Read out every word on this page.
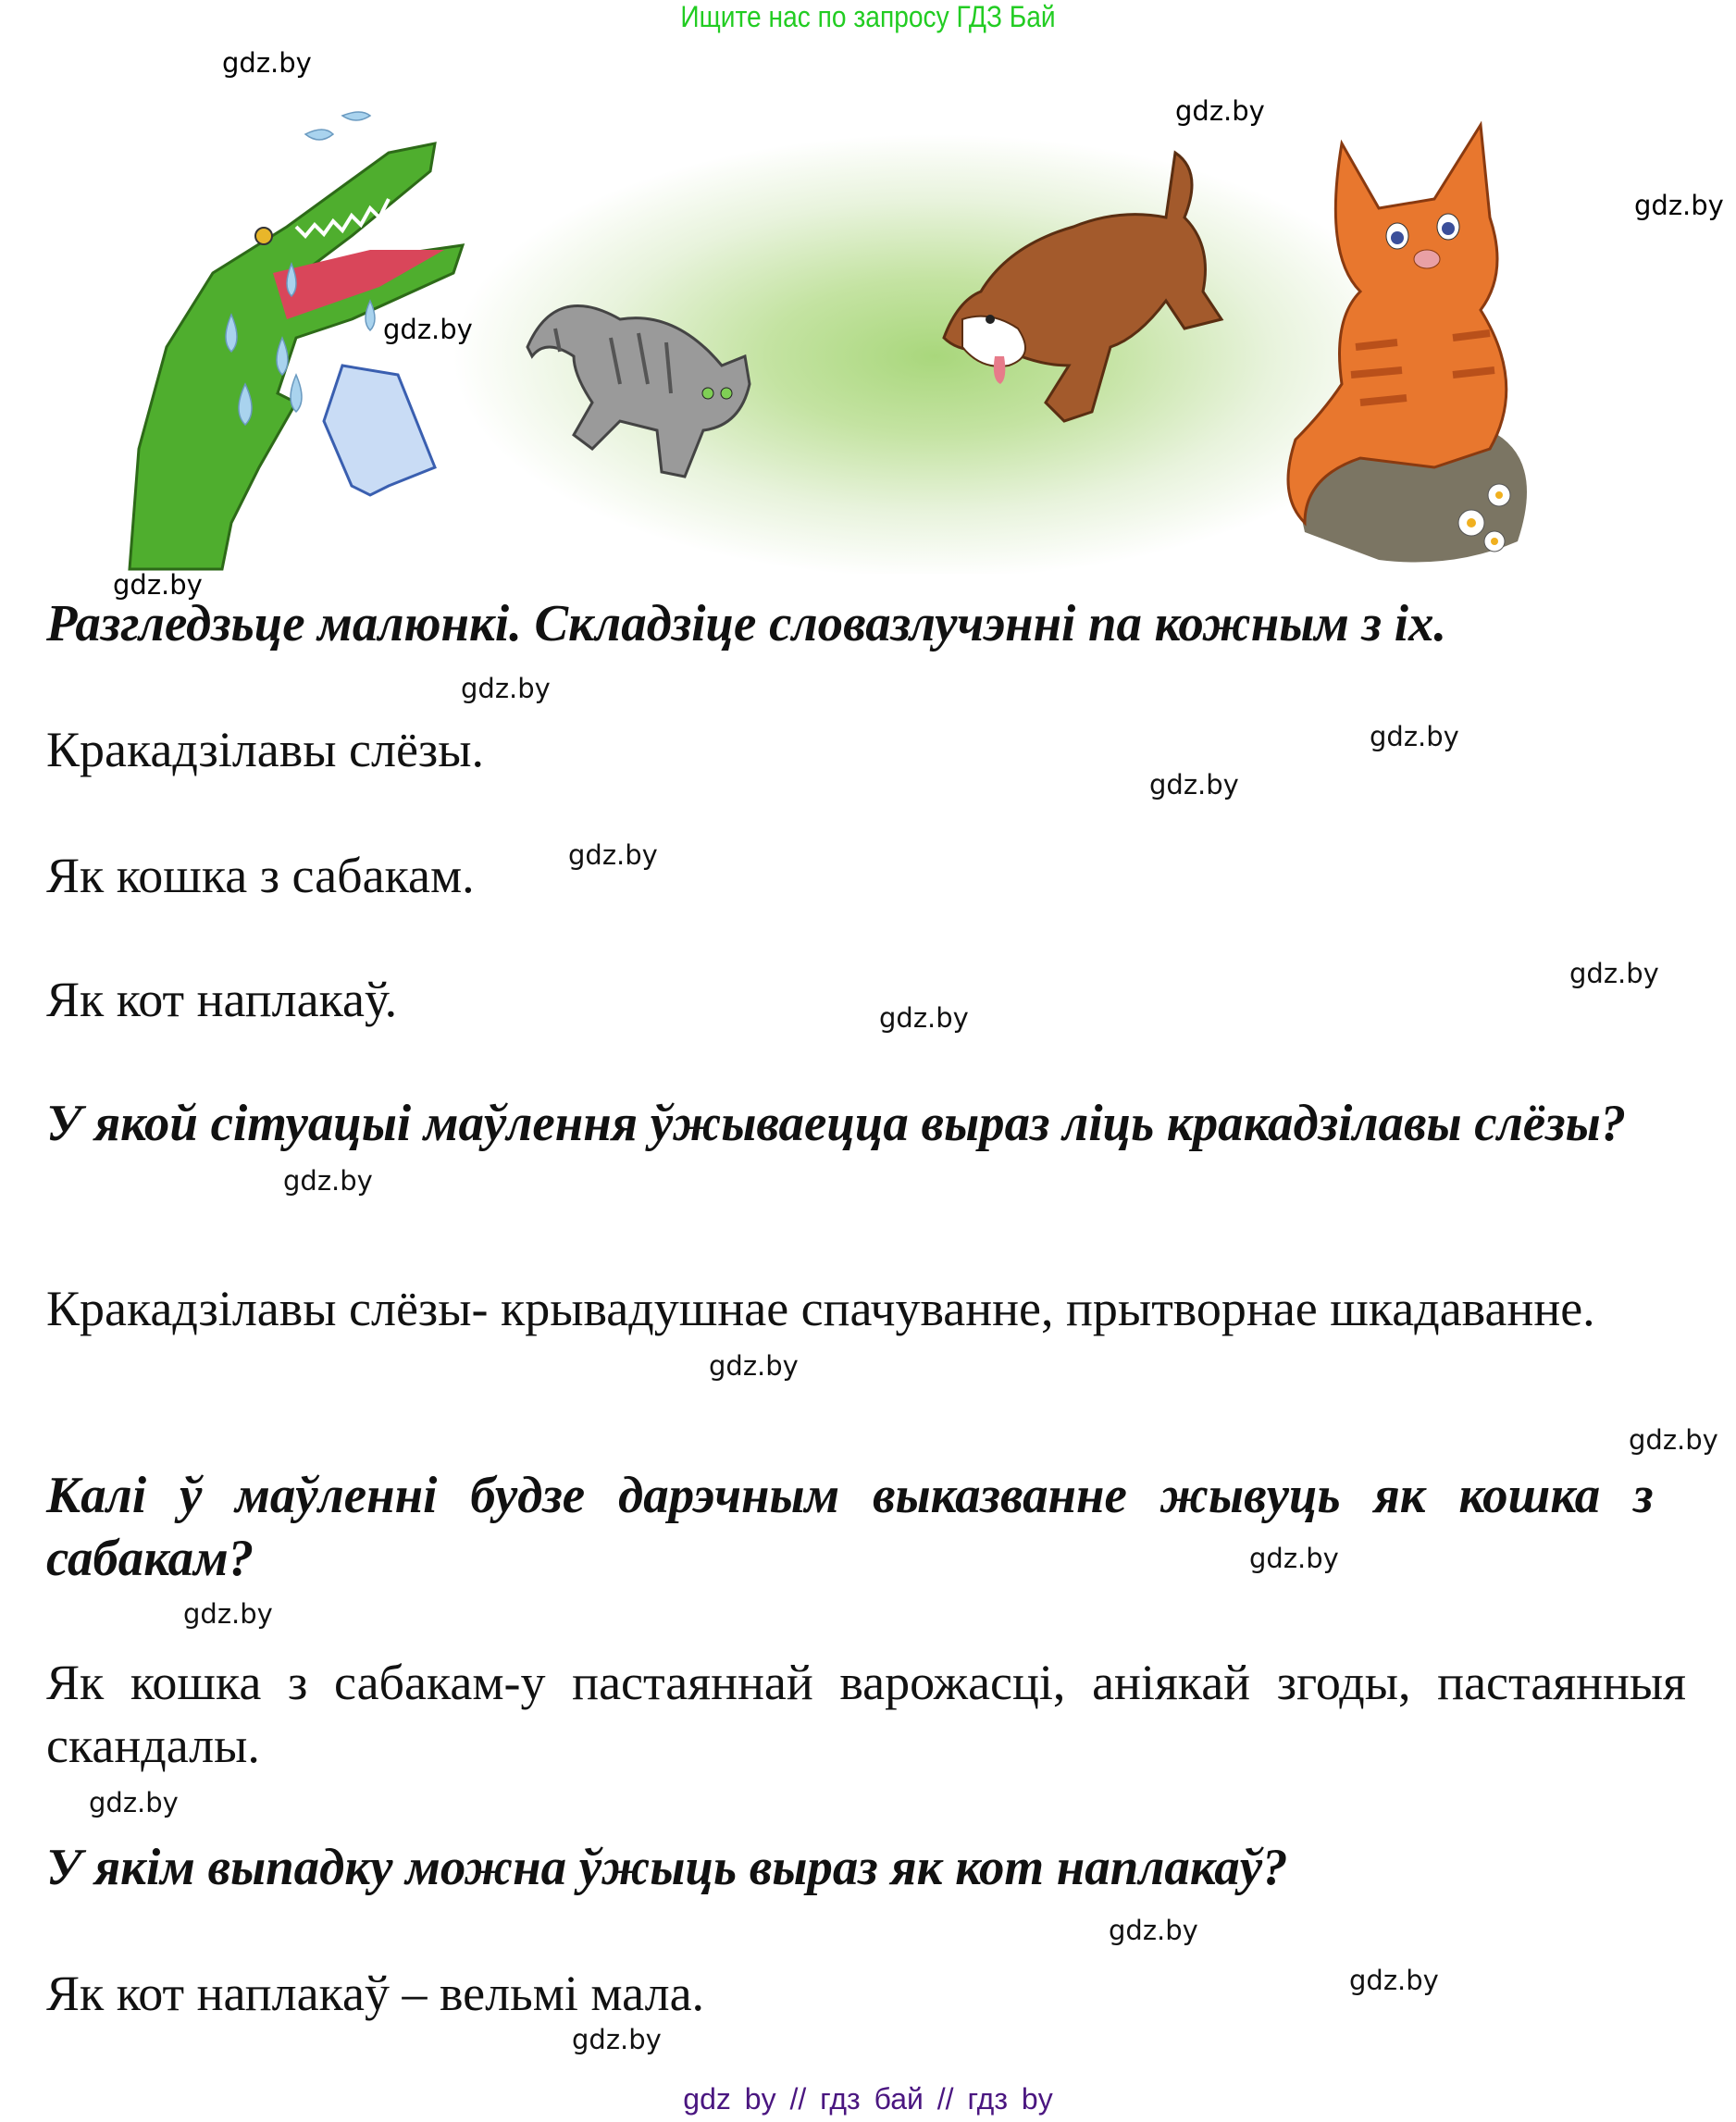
Ищите нас по запросу ГДЗ Бай
gdz.by
gdz.by
gdz.by
gdz.by
gdz.by
Разгледзьце малюнкі. Складзіце словазлучэнні па кожным з іх.
gdz.by
Кракадзілавы слёзы.	gdz.by
gdz.by
gdz.by
Як кошка з сабакам.
Як кот наплакаў.	gdz.by
gdz.by
У якой сітуацыі маўлення ўжываецца выраз ліць кракадзілавы слёзы?
gdz.by
Кракадзілавы слёзы- крывадушнае спачуванне, прытворнае шкадаванне.
gdz.by
gdz.by
Калі ў маўленні будзе дарэчным выказванне жывуць як кошка з сабакам?	gdz.by
gdz.by
Як кошка з сабакам-у пастаяннай варожасці, аніякай згоды, пастаянныя скандалы.
gdz.by
У якім выпадку можна ўжыць выраз як кот наплакаў?
gdz.by
gdz.by
Як кот наплакаў – вельмі мала.
gdz.by
gdz by // гдз бай // гдз by
